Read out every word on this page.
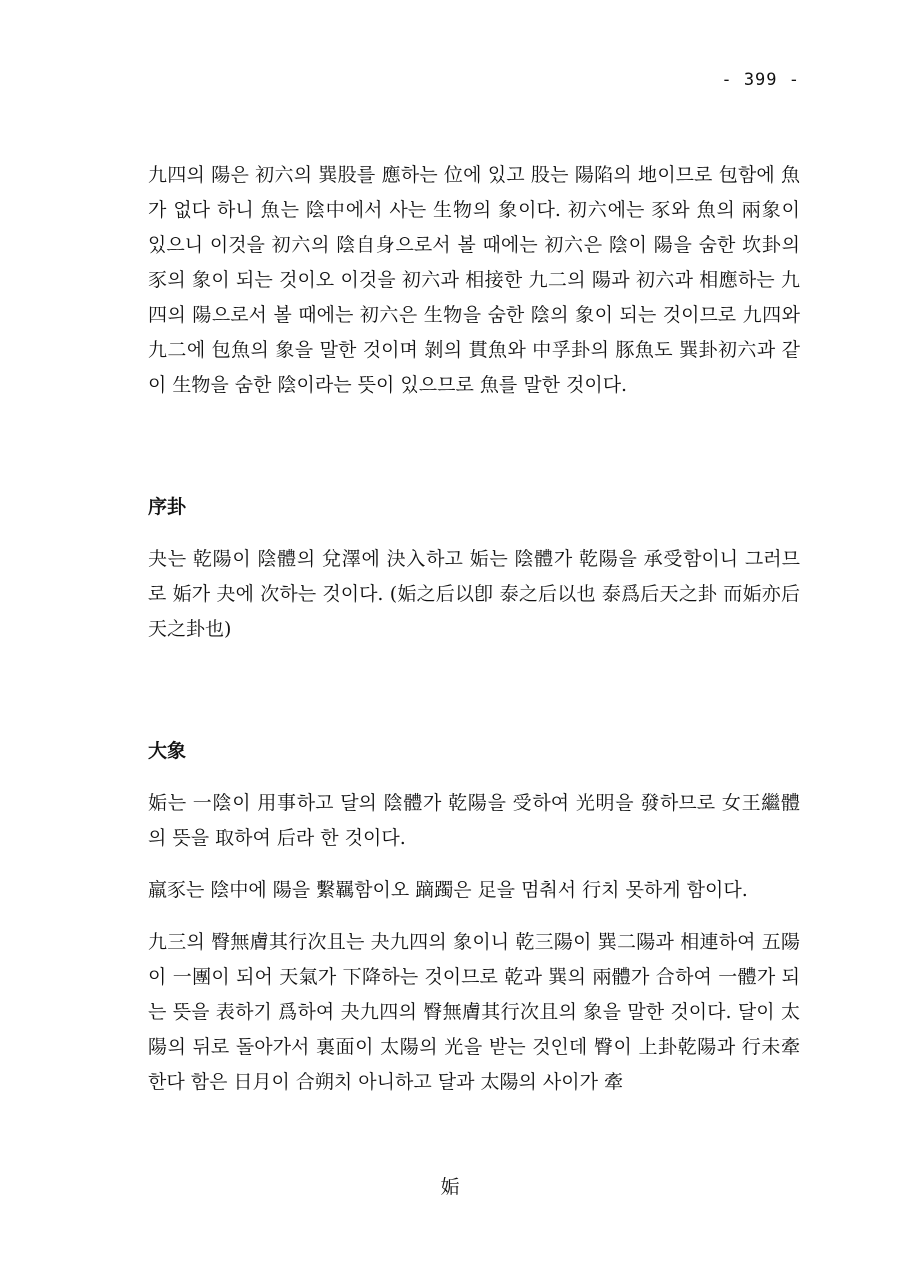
- 399 -

九四의 陽은 初六의 巽股를 應하는 位에 있고 股는 陽陷의 地이므로 包함에 魚가 없다 하니 魚는 陰中에서 사는 生物의 象이다. 初六에는 豕와 魚의 兩象이 있으니 이것을 初六의 陰自身으로서 볼 때에는 初六은 陰이 陽을 숨한 坎卦의 豕의 象이 되는 것이오 이것을 初六과 相接한 九二의 陽과 初六과 相應하는 九四의 陽으로서 볼 때에는 初六은 生物을 숨한 陰의 象이 되는 것이므로 九四와 九二에 包魚의 象을 말한 것이며 剝의 貫魚와 中孚卦의 豚魚도 巽卦初六과 같이 生物을 숨한 陰이라는 뜻이 있으므로 魚를 말한 것이다.

序卦

夬는 乾陽이 陰體의 兌澤에 決入하고 姤는 陰體가 乾陽을 承受함이니 그러므로 姤가 夬에 次하는 것이다. (姤之后以卽 泰之后以也 泰爲后天之卦 而姤亦后天之卦也)

大象

姤는 一陰이 用事하고 달의 陰體가 乾陽을 受하여 光明을 發하므로 女王繼體의 뜻을 取하여 后라 한 것이다.

羸豕는 陰中에 陽을 繫羈함이오 蹢躅은 足을 멈춰서 行치 못하게 함이다.

九三의 臀無膚其行次且는 夬九四의 象이니 乾三陽이 巽二陽과 相連하여 五陽이 一團이 되어 天氣가 下降하는 것이므로 乾과 巽의 兩體가 合하여 一體가 되는 뜻을 表하기 爲하여 夬九四의 臀無膚其行次且의 象을 말한 것이다. 달이 太陽의 뒤로 돌아가서 裏面이 太陽의 光을 받는 것인데 臀이 上卦乾陽과 行未牽한다 함은 日月이 合朔치 아니하고 달과 太陽의 사이가 牽

姤
